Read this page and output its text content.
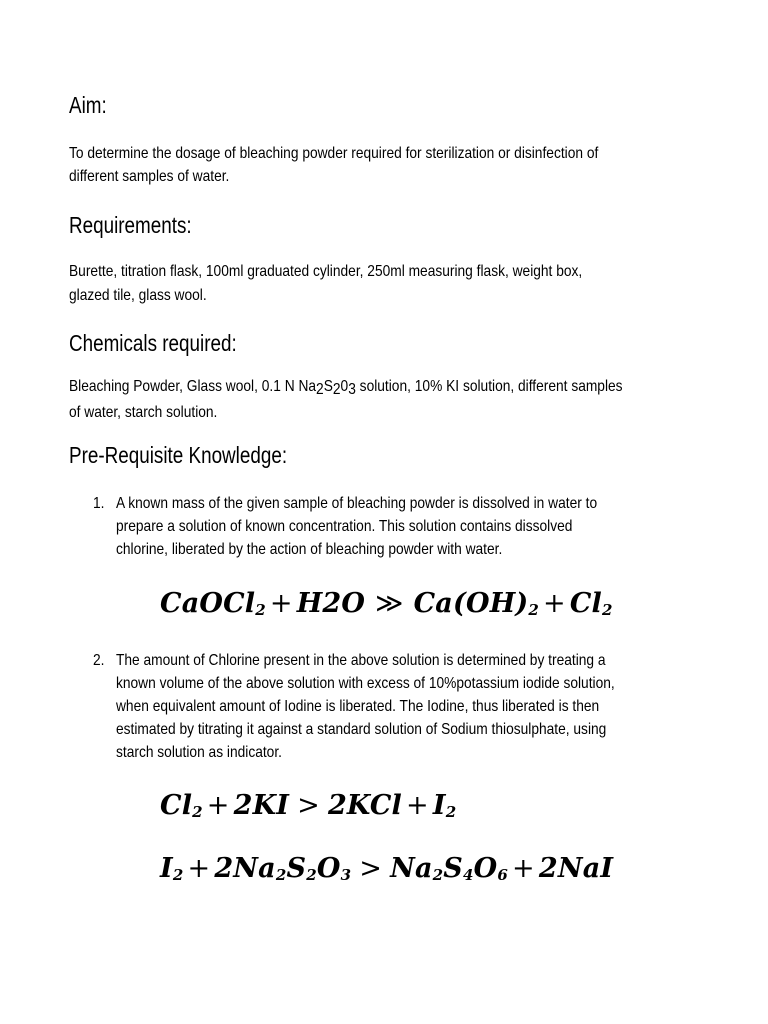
Aim:

To determine the dosage of bleaching powder required for sterilization or disinfection of

different samples of water.

Requirements:

Burette, titration flask, 100ml graduated cylinder, 250ml measuring flask, weight box,

glazed tile, glass wool.

Chemicals required:

Bleaching Powder, Glass wool, 0.1 N Na2S203 solution, 10% KI solution, different samples

of water, starch solution.

Pre-Requisite Knowledge:
1. A known mass of the given sample of bleaching powder is dissolved in water to

prepare a solution of known concentration. This solution contains dissolved

chlorine, liberated by the action of bleaching powder with water.

CaOCl$_2$ + H2O ≫ $Ca(OH)_2 + Cl_2$
2. The amount of Chlorine present in the above solution is determined by treating a

known volume of the above solution with excess of 10%potassium iodide solution,

when equivalent amount of Iodine is liberated. The Iodine, thus liberated is then

estimated by titrating it against a standard solution of Sodium thiosulphate, using

starch solution as indicator.

$Cl_2 + 2KI > 2KCl + I_2$
$I_2 + 2Na_2S_2O_3 > Na_2S_4O_6 + 2NaI$
